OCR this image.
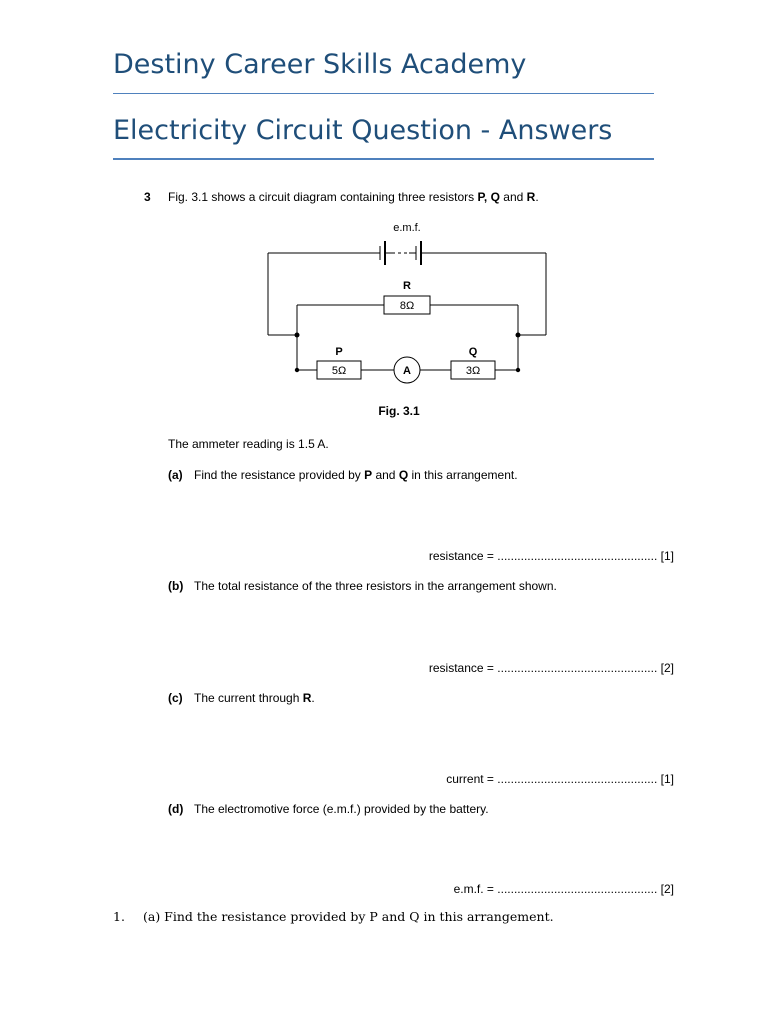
Destiny Career Skills Academy
Electricity Circuit Question - Answers
3 Fig. 3.1 shows a circuit diagram containing three resistors P, Q and R.
e.m.f.
R
8Ω
P
5Ω	A
Q
3Ω
Fig. 3.1
The ammeter reading is 1.5 A.
(a) Find the resistance provided by P and Q in this arrangement.
resistance = ................................................ [1]
(b) The total resistance of the three resistors in the arrangement shown.
resistance = ................................................ [2]
(c) The current through R.
current = ................................................ [1]
(d) The electromotive force (e.m.f.) provided by the battery.
e.m.f. = ................................................ [2]
1. (a) Find the resistance provided by P and Q in this arrangement.
